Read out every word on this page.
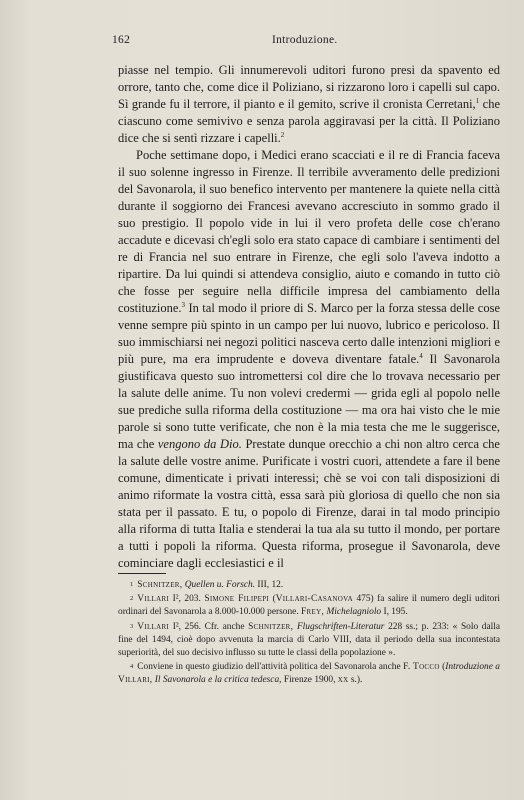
162	Introduzione.

piasse nel tempio. Gli innumerevoli uditori furono presi da spavento ed orrore, tanto che, come dice il Poliziano, si rizzarono loro i capelli sul capo. Sì grande fu il terrore, il pianto e il gemito, scrive il cronista Cerretani,$^1$ che ciascuno come semivivo e senza parola aggiravasi per la città. Il Poliziano dice che si sentì rizzare i capelli.$^2$

Poche settimane dopo, i Medici erano scacciati e il re di Francia faceva il suo solenne ingresso in Firenze. Il terribile avveramento delle predizioni del Savonarola, il suo benefico intervento per mantenere la quiete nella città durante il soggiorno dei Francesi avevano accresciuto in sommo grado il suo prestigio. Il popolo vide in lui il vero profeta delle cose ch'erano accadute e dicevasi ch'egli solo era stato capace di cambiare i sentimenti del re di Francia nel suo entrare in Firenze, che egli solo l'aveva indotto a ripartire. Da lui quindi si attendeva consiglio, aiuto e comando in tutto ciò che fosse per seguire nella difficile impresa del cambiamento della costituzione.$^3$ In tal modo il priore di S. Marco per la forza stessa delle cose venne sempre più spinto in un campo per lui nuovo, lubrico e pericoloso. Il suo immischiarsi nei negozi politici nasceva certo dalle intenzioni migliori e più pure, ma era imprudente e doveva diventare fatale.$^4$ Il Savonarola giustificava questo suo intromettersi col dire che lo trovava necessario per la salute delle anime. Tu non volevi credermi — grida egli al popolo nelle sue prediche sulla riforma della costituzione — ma ora hai visto che le mie parole si sono tutte verificate, che non è la mia testa che me le suggerisce, ma che vengono da Dio. Prestate dunque orecchio a chi non altro cerca che la salute delle vostre anime. Purificate i vostri cuori, attendete a fare il bene comune, dimenticate i privati interessi; chè se voi con tali disposizioni di animo riformate la vostra città, essa sarà più gloriosa di quello che non sia stata per il passato. E tu, o popolo di Firenze, darai in tal modo principio alla riforma di tutta Italia e stenderai la tua ala su tutto il mondo, per portare a tutti i popoli la riforma. Questa riforma, prosegue il Savonarola, deve cominciare dagli ecclesiastici e il

1 Schnitzer, Quellen u. Forsch. III, 12.

2 Villari I², 203. Simone Filipepi (Villari-Casanova 475) fa salire il numero degli uditori ordinari del Savonarola a 8.000-10.000 persone. Frey, Michelagniolo I, 195.

3 Villari I², 256. Cfr. anche Schnitzer, Flugschriften-Literatur 228 ss.; p. 233: « Solo dalla fine del 1494, cioè dopo avvenuta la marcia di Carlo VIII, data il periodo della sua incontestata superiorità, del suo decisivo influsso su tutte le classi della popolazione ».

4 Conviene in questo giudizio dell'attività politica del Savonarola anche F. Tocco (Introduzione a Villari, Il Savonarola e la critica tedesca, Firenze 1900, xx s.).
